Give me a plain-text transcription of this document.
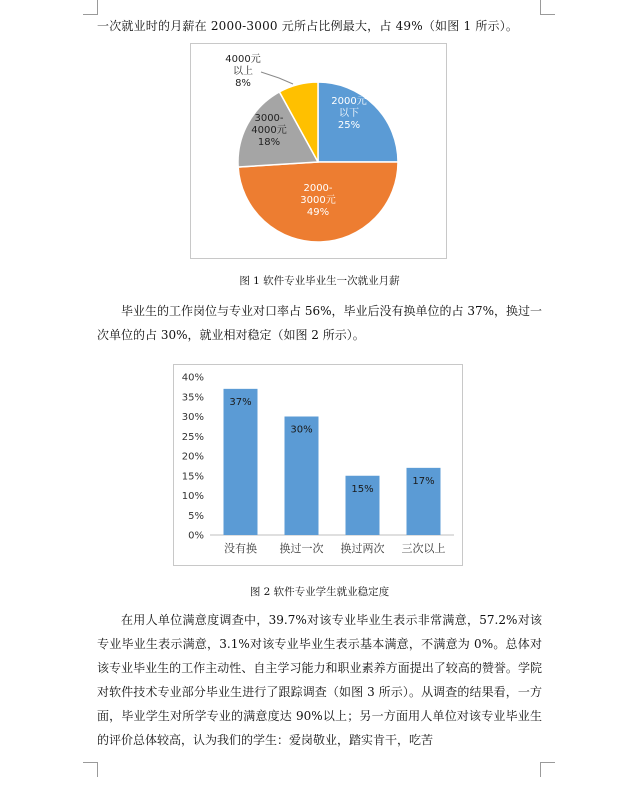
一次就业时的月薪在 2000-3000 元所占比例最大，占 49%（如图 1 所示）。
2000元以下 25%
2000-3000元 49%
3000-4000元 18%
4000元以上 8%
图 1 软件专业毕业生一次就业月薪
毕业生的工作岗位与专业对口率占 56%，毕业后没有换单位的占 37%，换过一次单位的占 30%，就业相对稳定（如图 2 所示）。
0%
5%
10%
15%
20%
25%
30%
35%
40%
37%
没有换
30%
换过一次
15%
换过两次
17%
三次以上
图 2 软件专业学生就业稳定度
在用人单位满意度调查中，39.7%对该专业毕业生表示非常满意，57.2%对该专业毕业生表示满意，3.1%对该专业毕业生表示基本满意，不满意为 0%。总体对该专业毕业生的工作主动性、自主学习能力和职业素养方面提出了较高的赞誉。学院对软件技术专业部分毕业生进行了跟踪调查（如图 3 所示）。从调查的结果看，一方面，毕业学生对所学专业的满意度达 90%以上；另一方面用人单位对该专业毕业生的评价总体较高，认为我们的学生：爱岗敬业，踏实肯干，吃苦
